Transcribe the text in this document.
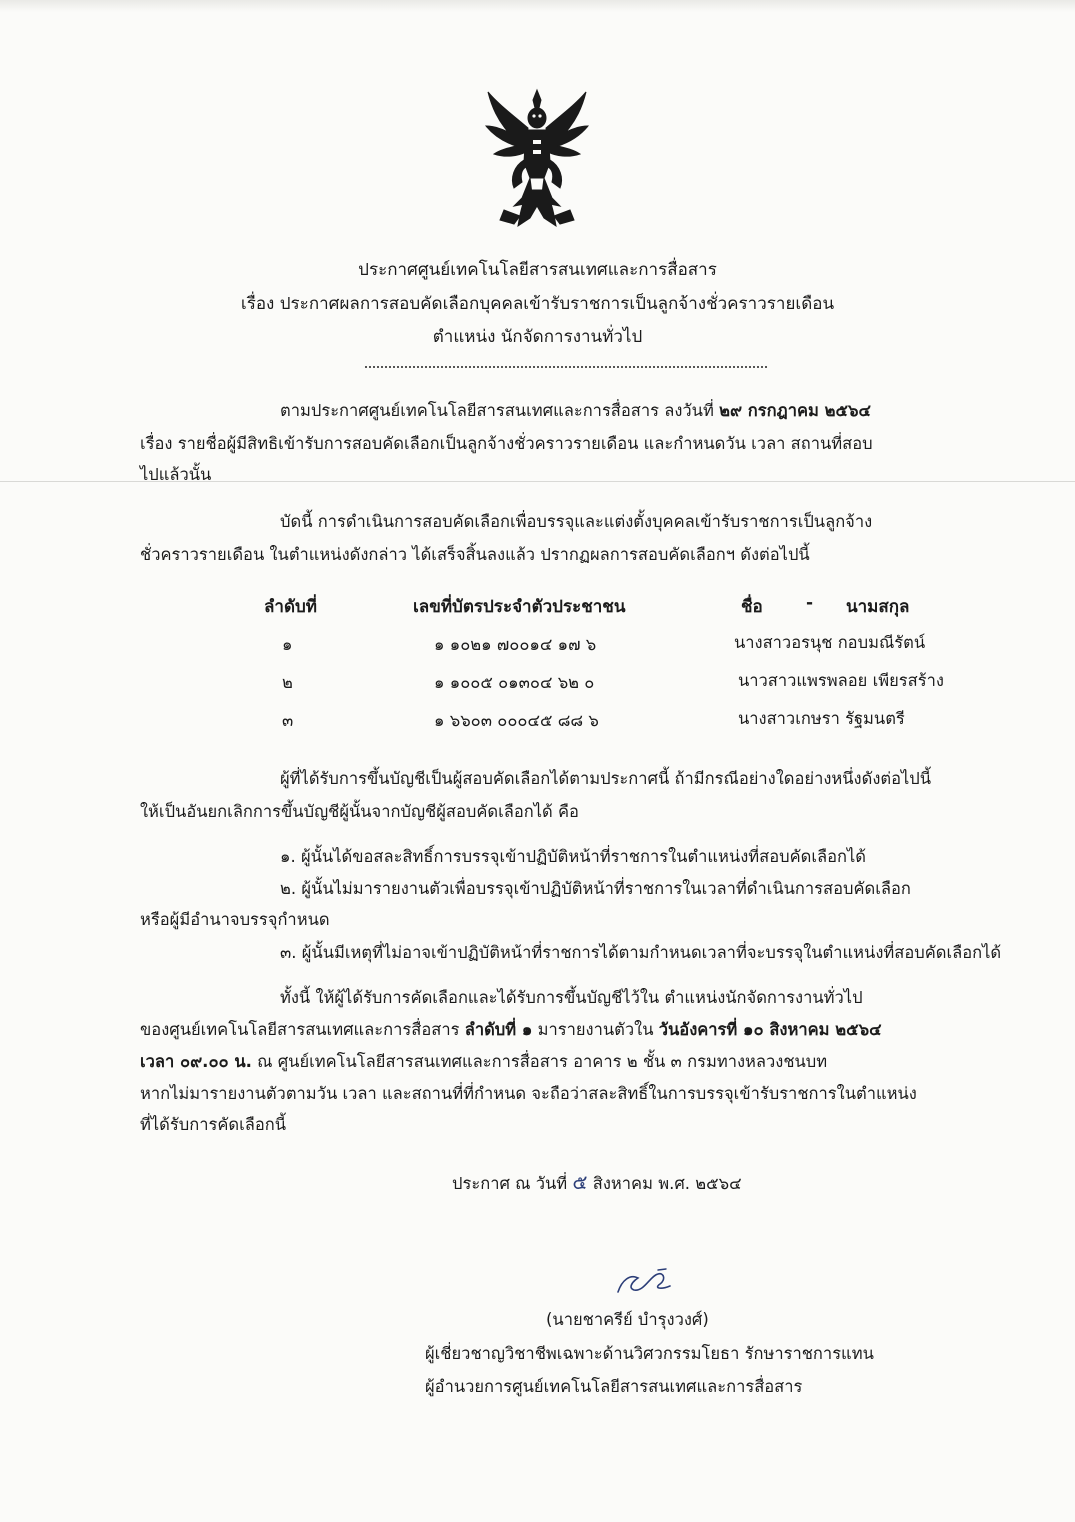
ประกาศศูนย์เทคโนโลยีสารสนเทศและการสื่อสาร
เรื่อง ประกาศผลการสอบคัดเลือกบุคคลเข้ารับราชการเป็นลูกจ้างชั่วคราวรายเดือน
ตำแหน่ง นักจัดการงานทั่วไป
ตามประกาศศูนย์เทคโนโลยีสารสนเทศและการสื่อสาร ลงวันที่ ๒๙ กรกฎาคม ๒๕๖๔
เรื่อง รายชื่อผู้มีสิทธิเข้ารับการสอบคัดเลือกเป็นลูกจ้างชั่วคราวรายเดือน และกำหนดวัน เวลา สถานที่สอบ
ไปแล้วนั้น
บัดนี้ การดำเนินการสอบคัดเลือกเพื่อบรรจุและแต่งตั้งบุคคลเข้ารับราชการเป็นลูกจ้าง
ชั่วคราวรายเดือน ในตำแหน่งดังกล่าว ได้เสร็จสิ้นลงแล้ว ปรากฏผลการสอบคัดเลือกฯ ดังต่อไปนี้
ลำดับที่	เลขที่บัตรประจำตัวประชาชน	ชื่อ	- นามสกุล
๑	๑ ๑๐๒๑ ๗๐๐๑๔ ๑๗ ๖	นางสาวอรนุช กอบมณีรัตน์
๒	๑ ๑๐๐๕ ๐๑๓๐๔ ๖๒ ๐	นาวสาวแพรพลอย เพียรสร้าง
๓	๑ ๖๖๐๓ ๐๐๐๔๕ ๘๘ ๖	นางสาวเกษรา รัฐมนตรี
ผู้ที่ได้รับการขึ้นบัญชีเป็นผู้สอบคัดเลือกได้ตามประกาศนี้ ถ้ามีกรณีอย่างใดอย่างหนึ่งดังต่อไปนี้
ให้เป็นอันยกเลิกการขึ้นบัญชีผู้นั้นจากบัญชีผู้สอบคัดเลือกได้ คือ
๑. ผู้นั้นได้ขอสละสิทธิ์การบรรจุเข้าปฏิบัติหน้าที่ราชการในตำแหน่งที่สอบคัดเลือกได้
๒. ผู้นั้นไม่มารายงานตัวเพื่อบรรจุเข้าปฏิบัติหน้าที่ราชการในเวลาที่ดำเนินการสอบคัดเลือก
หรือผู้มีอำนาจบรรจุกำหนด
๓. ผู้นั้นมีเหตุที่ไม่อาจเข้าปฏิบัติหน้าที่ราชการได้ตามกำหนดเวลาที่จะบรรจุในตำแหน่งที่สอบคัดเลือกได้
ทั้งนี้ ให้ผู้ได้รับการคัดเลือกและได้รับการขึ้นบัญชีไว้ใน ตำแหน่งนักจัดการงานทั่วไป
ของศูนย์เทคโนโลยีสารสนเทศและการสื่อสาร ลำดับที่ ๑ มารายงานตัวใน วันอังคารที่ ๑๐ สิงหาคม ๒๕๖๔
เวลา ๐๙.๐๐ น. ณ ศูนย์เทคโนโลยีสารสนเทศและการสื่อสาร อาคาร ๒ ชั้น ๓ กรมทางหลวงชนบท
หากไม่มารายงานตัวตามวัน เวลา และสถานที่ที่กำหนด จะถือว่าสละสิทธิ์ในการบรรจุเข้ารับราชการในตำแหน่ง
ที่ได้รับการคัดเลือกนี้
ประกาศ ณ วันที่ ๕ สิงหาคม พ.ศ. ๒๕๖๔
(นายชาครีย์ บำรุงวงศ์)
ผู้เชี่ยวชาญวิชาชีพเฉพาะด้านวิศวกรรมโยธา รักษาราชการแทน
ผู้อำนวยการศูนย์เทคโนโลยีสารสนเทศและการสื่อสาร
